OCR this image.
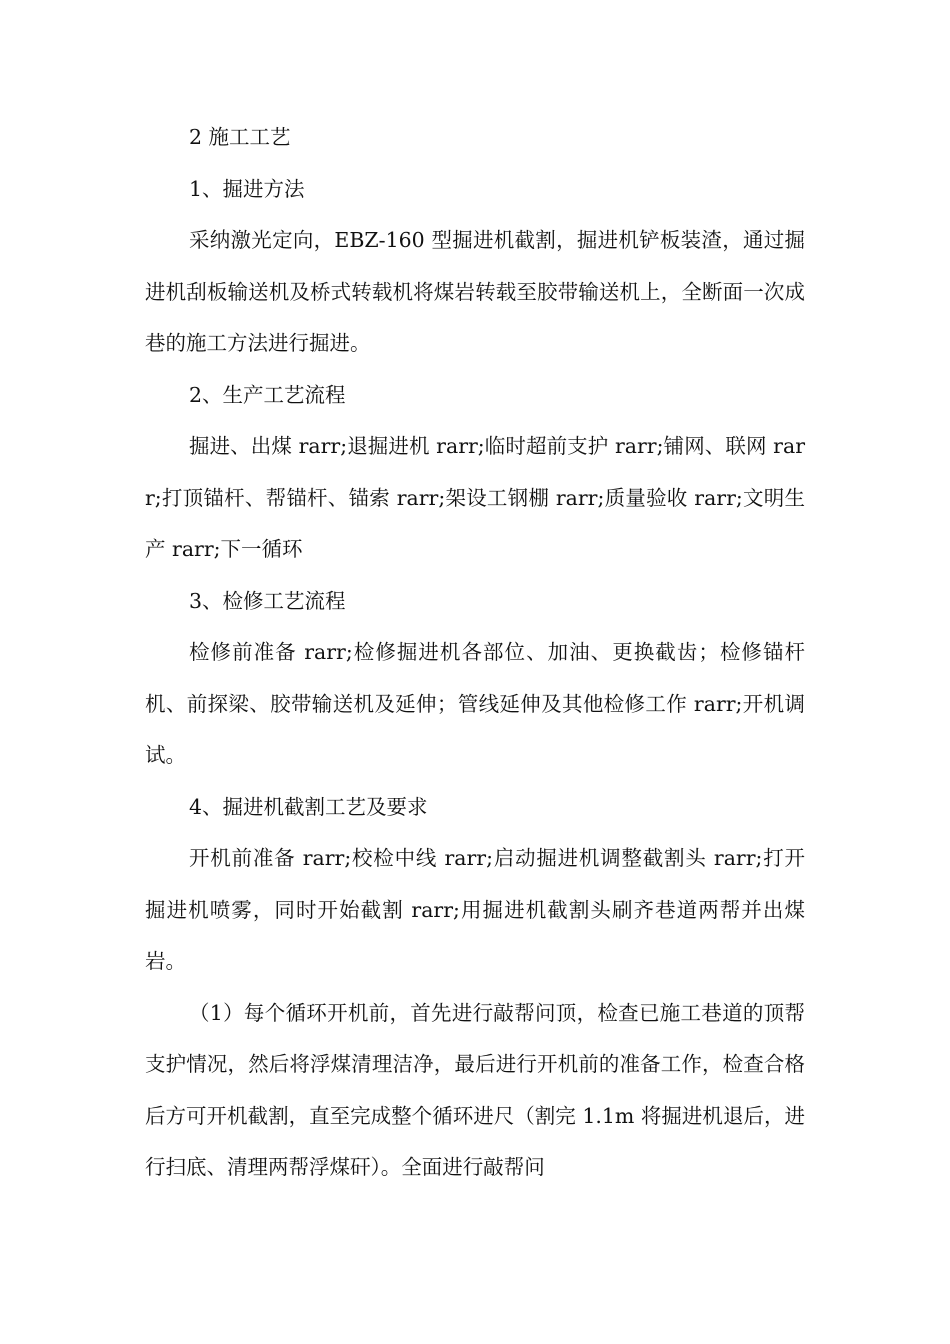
2 施工工艺

1、掘进方法

采纳激光定向，EBZ-160 型掘进机截割，掘进机铲板装渣，通过掘进机刮板输送机及桥式转载机将煤岩转载至胶带输送机上，全断面一次成巷的施工方法进行掘进。

2、生产工艺流程

掘进、出煤 rarr;退掘进机 rarr;临时超前支护 rarr;铺网、联网 rarr;打顶锚杆、帮锚杆、锚索 rarr;架设工钢棚 rarr;质量验收 rarr;文明生产 rarr;下一循环

3、检修工艺流程

检修前准备 rarr;检修掘进机各部位、加油、更换截齿；检修锚杆机、前探梁、胶带输送机及延伸；管线延伸及其他检修工作 rarr;开机调试。

4、掘进机截割工艺及要求

开机前准备 rarr;校检中线 rarr;启动掘进机调整截割头 rarr;打开掘进机喷雾，同时开始截割 rarr;用掘进机截割头刷齐巷道两帮并出煤岩。

（1）每个循环开机前，首先进行敲帮问顶，检查已施工巷道的顶帮支护情况，然后将浮煤清理洁净，最后进行开机前的准备工作，检查合格后方可开机截割，直至完成整个循环进尺（割完 1.1m 将掘进机退后，进行扫底、清理两帮浮煤矸）。全面进行敲帮问
